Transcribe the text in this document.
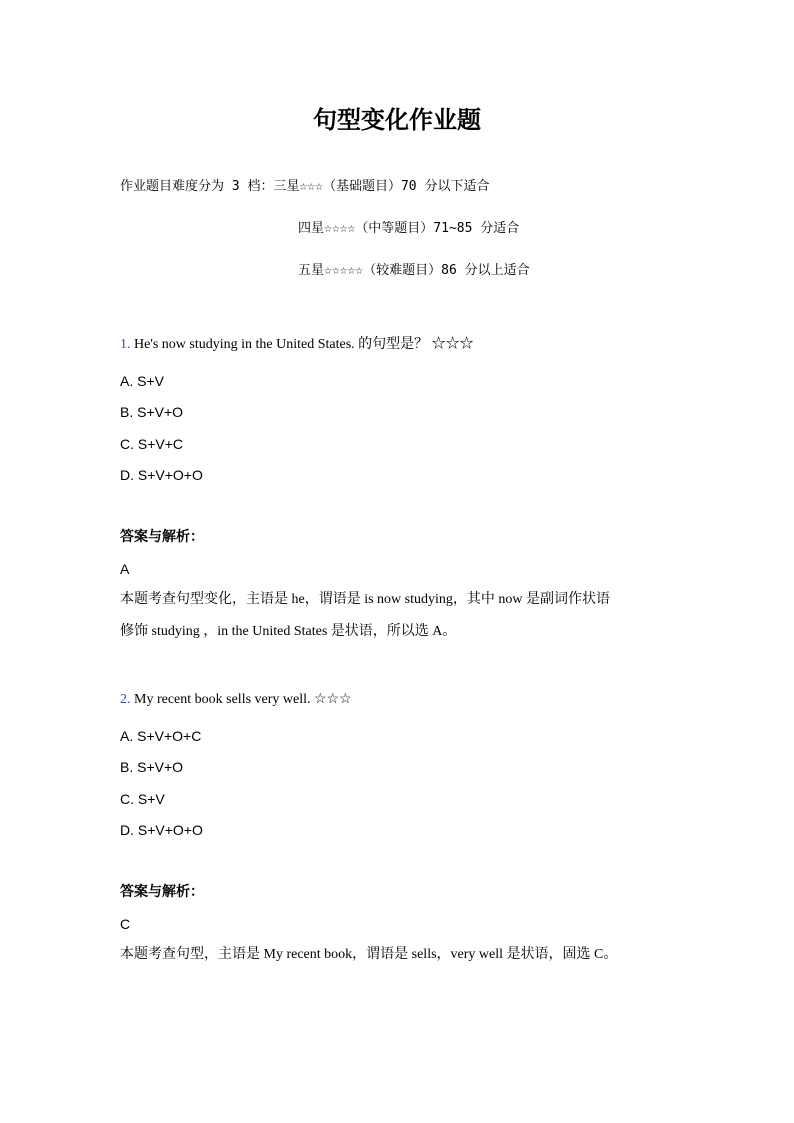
句型变化作业题
作业题目难度分为 3 档：三星☆☆☆（基础题目）70 分以下适合
四星☆☆☆☆（中等题目）71~85 分适合
五星☆☆☆☆☆（较难题目）86 分以上适合
1. He's now studying in the United States. 的句型是？ ☆☆☆
A. S+V
B. S+V+O
C. S+V+C
D. S+V+O+O
答案与解析：
A
本题考查句型变化，主语是 he，谓语是 is now studying，其中 now 是副词作状语
修饰 studying ，in the United States 是状语，所以选 A。
2. My recent book sells very well. ☆☆☆
A. S+V+O+C
B. S+V+O
C. S+V
D. S+V+O+O
答案与解析：
C
本题考查句型，主语是 My recent book，谓语是 sells，very well 是状语，固选 C。
